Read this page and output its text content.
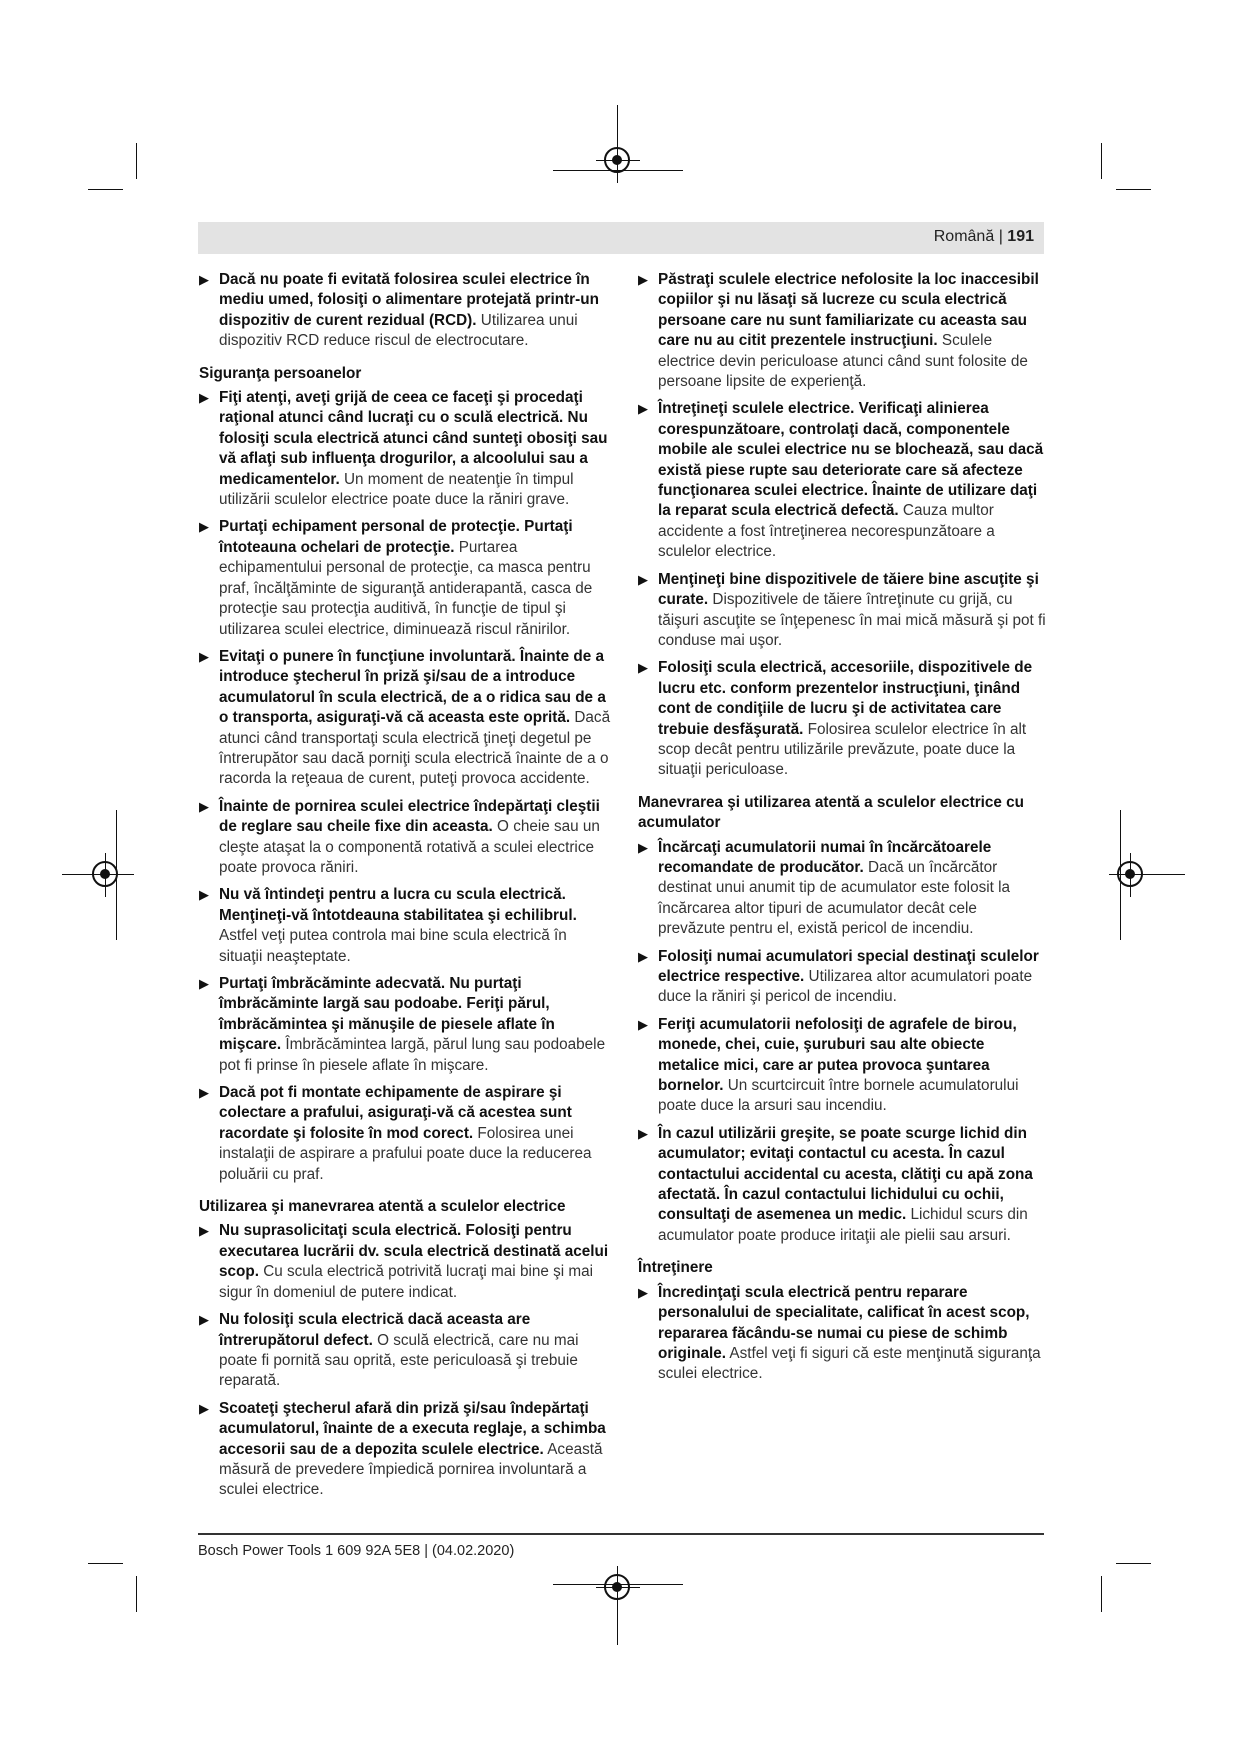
Română | 191
▶ Dacă nu poate fi evitată folosirea sculei electrice în mediu umed, folosiţi o alimentare protejată printr-un dispozitiv de curent rezidual (RCD). Utilizarea unui dispozitiv RCD reduce riscul de electrocutare.
Siguranţa persoanelor
▶ Fiţi atenţi, aveţi grijă de ceea ce faceţi şi procedaţi raţional atunci când lucraţi cu o sculă electrică. Nu folosiţi scula electrică atunci când sunteţi obosiţi sau vă aflaţi sub influenţa drogurilor, a alcoolului sau a medicamentelor. Un moment de neatenţie în timpul utilizării sculelor electrice poate duce la răniri grave.
▶ Purtaţi echipament personal de protecţie. Purtaţi întoteauna ochelari de protecţie. Purtarea echipamentului personal de protecţie, ca masca pentru praf, încălţăminte de siguranţă antiderapantă, casca de protecţie sau protecţia auditivă, în funcţie de tipul şi utilizarea sculei electrice, diminuează riscul rănirilor.
▶ Evitaţi o punere în funcţiune involuntară. Înainte de a introduce ştecherul în priză şi/sau de a introduce acumulatorul în scula electrică, de a o ridica sau de a o transporta, asiguraţi-vă că aceasta este oprită. Dacă atunci când transportaţi scula electrică ţineţi degetul pe întrerupător sau dacă porniţi scula electrică înainte de a o racorda la reţeaua de curent, puteţi provoca accidente.
▶ Înainte de pornirea sculei electrice îndepărtaţi cleştii de reglare sau cheile fixe din aceasta. O cheie sau un cleşte ataşat la o componentă rotativă a sculei electrice poate provoca răniri.
▶ Nu vă întindeţi pentru a lucra cu scula electrică. Menţineţi-vă întotdeauna stabilitatea şi echilibrul. Astfel veţi putea controla mai bine scula electrică în situaţii neaşteptate.
▶ Purtaţi îmbrăcăminte adecvată. Nu purtaţi îmbrăcăminte largă sau podoabe. Feriţi părul, îmbrăcămintea şi mănuşile de piesele aflate în mişcare. Îmbrăcămintea largă, părul lung sau podoabele pot fi prinse în piesele aflate în mişcare.
▶ Dacă pot fi montate echipamente de aspirare şi colectare a prafului, asiguraţi-vă că acestea sunt racordate şi folosite în mod corect. Folosirea unei instalaţii de aspirare a prafului poate duce la reducerea poluării cu praf.
Utilizarea şi manevrarea atentă a sculelor electrice
▶ Nu suprasolicitaţi scula electrică. Folosiţi pentru executarea lucrării dv. scula electrică destinată acelui scop. Cu scula electrică potrivită lucraţi mai bine şi mai sigur în domeniul de putere indicat.
▶ Nu folosiţi scula electrică dacă aceasta are întrerupătorul defect. O sculă electrică, care nu mai poate fi pornită sau oprită, este periculoasă şi trebuie reparată.
▶ Scoateţi ştecherul afară din priză şi/sau îndepărtaţi acumulatorul, înainte de a executa reglaje, a schimba accesorii sau de a depozita sculele electrice. Această măsură de prevedere împiedică pornirea involuntară a sculei electrice.
▶ Păstraţi sculele electrice nefolosite la loc inaccesibil copiilor şi nu lăsaţi să lucreze cu scula electrică persoane care nu sunt familiarizate cu aceasta sau care nu au citit prezentele instrucţiuni. Sculele electrice devin periculoase atunci când sunt folosite de persoane lipsite de experienţă.
▶ Întreţineţi sculele electrice. Verificaţi alinierea corespunzătoare, controlaţi dacă, componentele mobile ale sculei electrice nu se blochează, sau dacă există piese rupte sau deteriorate care să afecteze funcţionarea sculei electrice. Înainte de utilizare daţi la reparat scula electrică defectă. Cauza multor accidente a fost întreţinerea necorespunzătoare a sculelor electrice.
▶ Menţineţi bine dispozitivele de tăiere bine ascuţite şi curate. Dispozitivele de tăiere întreţinute cu grijă, cu tăişuri ascuţite se înţepenesc în mai mică măsură şi pot fi conduse mai uşor.
▶ Folosiţi scula electrică, accesoriile, dispozitivele de lucru etc. conform prezentelor instrucţiuni, ţinând cont de condiţiile de lucru şi de activitatea care trebuie desfăşurată. Folosirea sculelor electrice în alt scop decât pentru utilizările prevăzute, poate duce la situaţii periculoase.
Manevrarea şi utilizarea atentă a sculelor electrice cu acumulator
▶ Încărcaţi acumulatorii numai în încărcătoarele recomandate de producător. Dacă un încărcător destinat unui anumit tip de acumulator este folosit la încărcarea altor tipuri de acumulator decât cele prevăzute pentru el, există pericol de incendiu.
▶ Folosiţi numai acumulatori special destinaţi sculelor electrice respective. Utilizarea altor acumulatori poate duce la răniri şi pericol de incendiu.
▶ Feriţi acumulatorii nefolosiţi de agrafele de birou, monede, chei, cuie, şuruburi sau alte obiecte metalice mici, care ar putea provoca şuntarea bornelor. Un scurtcircuit între bornele acumulatorului poate duce la arsuri sau incendiu.
▶ În cazul utilizării greşite, se poate scurge lichid din acumulator; evitaţi contactul cu acesta. În cazul contactului accidental cu acesta, clătiţi cu apă zona afectată. În cazul contactului lichidului cu ochii, consultaţi de asemenea un medic. Lichidul scurs din acumulator poate produce iritaţii ale pielii sau arsuri.
Întreţinere
▶ Încredinţaţi scula electrică pentru reparare personalului de specialitate, calificat în acest scop, repararea făcându-se numai cu piese de schimb originale. Astfel veţi fi siguri că este menţinută siguranţa sculei electrice.
Bosch Power Tools 1 609 92A 5E8 | (04.02.2020)
